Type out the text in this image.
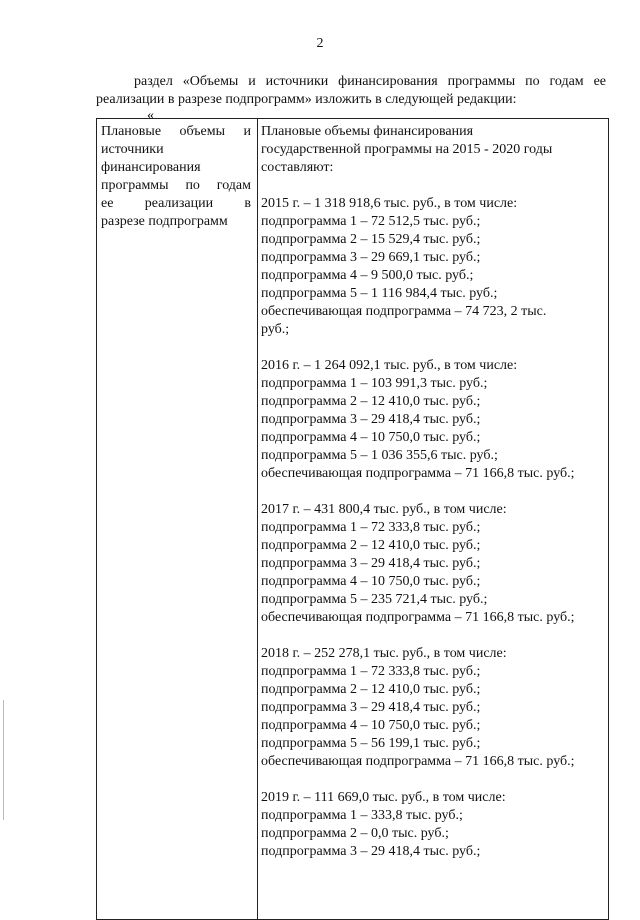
2
раздел «Объемы и источники финансирования программы по годам ее
реализации в разрезе подпрограмм» изложить в следующей редакции:
«
Плановые объемы и
источники
финансирования
программы по годам
ее реализации в
разрезе подпрограмм
Плановые объемы финансирования
государственной программы на 2015 - 2020 годы
составляют:
2015 г. – 1 318 918,6 тыс. руб., в том числе:
подпрограмма 1 – 72 512,5 тыс. руб.;
подпрограмма 2 – 15 529,4 тыс. руб.;
подпрограмма 3 – 29 669,1 тыс. руб.;
подпрограмма 4 – 9 500,0 тыс. руб.;
подпрограмма 5 – 1 116 984,4 тыс. руб.;
обеспечивающая подпрограмма – 74 723, 2 тыс.
руб.;
2016 г. – 1 264 092,1 тыс. руб., в том числе:
подпрограмма 1 – 103 991,3 тыс. руб.;
подпрограмма 2 – 12 410,0 тыс. руб.;
подпрограмма 3 – 29 418,4 тыс. руб.;
подпрограмма 4 – 10 750,0 тыс. руб.;
подпрограмма 5 – 1 036 355,6 тыс. руб.;
обеспечивающая подпрограмма – 71 166,8 тыс. руб.;
2017 г. – 431 800,4 тыс. руб., в том числе:
подпрограмма 1 – 72 333,8 тыс. руб.;
подпрограмма 2 – 12 410,0 тыс. руб.;
подпрограмма 3 – 29 418,4 тыс. руб.;
подпрограмма 4 – 10 750,0 тыс. руб.;
подпрограмма 5 – 235 721,4 тыс. руб.;
обеспечивающая подпрограмма – 71 166,8 тыс. руб.;
2018 г. – 252 278,1 тыс. руб., в том числе:
подпрограмма 1 – 72 333,8 тыс. руб.;
подпрограмма 2 – 12 410,0 тыс. руб.;
подпрограмма 3 – 29 418,4 тыс. руб.;
подпрограмма 4 – 10 750,0 тыс. руб.;
подпрограмма 5 – 56 199,1 тыс. руб.;
обеспечивающая подпрограмма – 71 166,8 тыс. руб.;
2019 г. – 111 669,0 тыс. руб., в том числе:
подпрограмма 1 – 333,8 тыс. руб.;
подпрограмма 2 – 0,0 тыс. руб.;
подпрограмма 3 – 29 418,4 тыс. руб.;
